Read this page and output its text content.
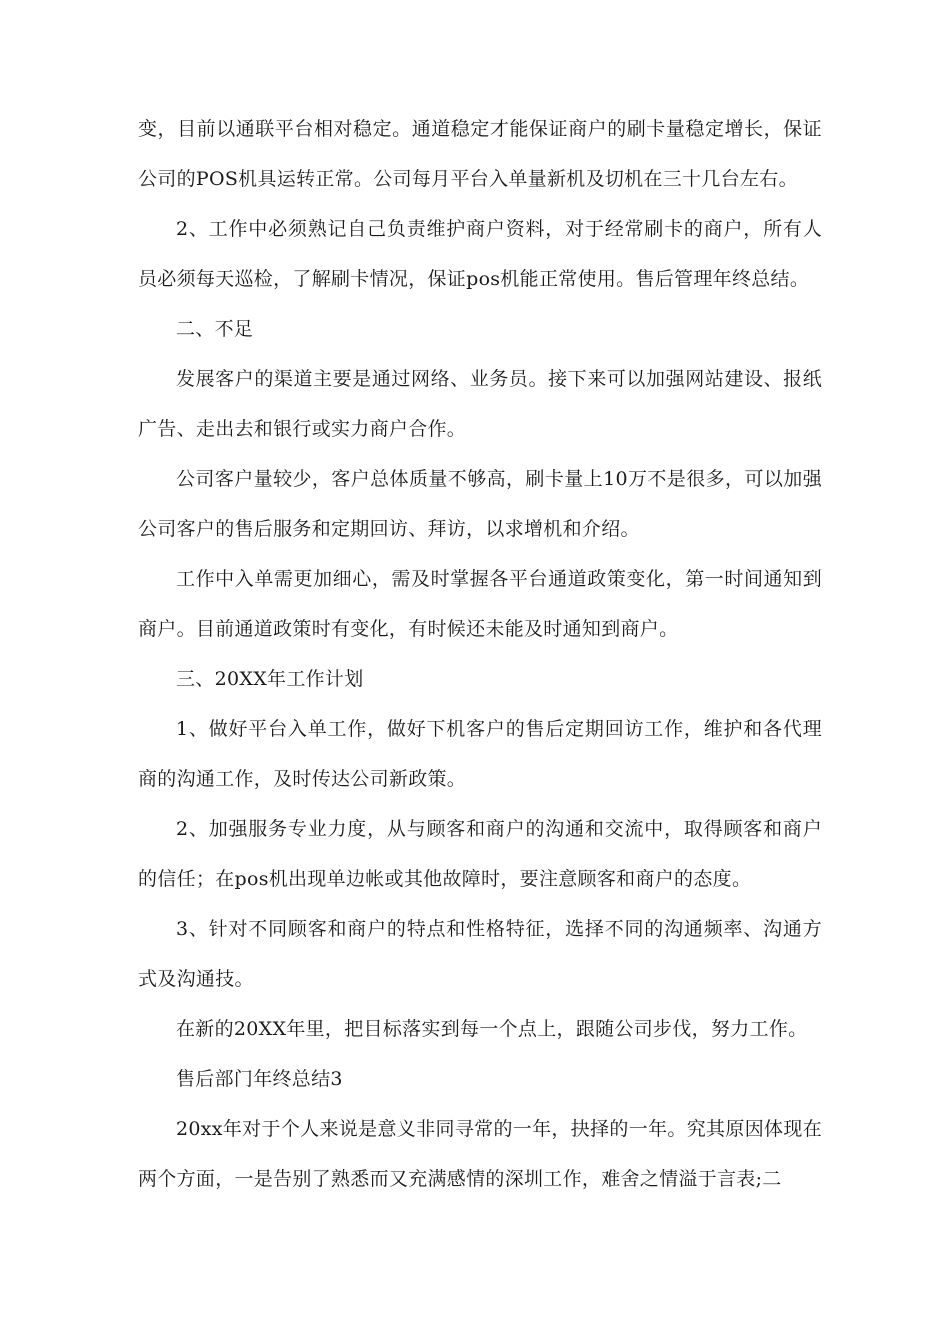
变，目前以通联平台相对稳定。通道稳定才能保证商户的刷卡量稳定增长，保证公司的POS机具运转正常。公司每月平台入单量新机及切机在三十几台左右。

2、工作中必须熟记自己负责维护商户资料，对于经常刷卡的商户，所有人员必须每天巡检，了解刷卡情况，保证pos机能正常使用。售后管理年终总结。

二、不足

发展客户的渠道主要是通过网络、业务员。接下来可以加强网站建设、报纸广告、走出去和银行或实力商户合作。

公司客户量较少，客户总体质量不够高，刷卡量上10万不是很多，可以加强公司客户的售后服务和定期回访、拜访，以求增机和介绍。

工作中入单需更加细心，需及时掌握各平台通道政策变化，第一时间通知到商户。目前通道政策时有变化，有时候还未能及时通知到商户。

三、20XX年工作计划

1、做好平台入单工作，做好下机客户的售后定期回访工作，维护和各代理商的沟通工作，及时传达公司新政策。

2、加强服务专业力度，从与顾客和商户的沟通和交流中，取得顾客和商户的信任；在pos机出现单边帐或其他故障时，要注意顾客和商户的态度。

3、针对不同顾客和商户的特点和性格特征，选择不同的沟通频率、沟通方式及沟通技。

在新的20XX年里，把目标落实到每一个点上，跟随公司步伐，努力工作。

售后部门年终总结3

20xx年对于个人来说是意义非同寻常的一年，抉择的一年。究其原因体现在两个方面，一是告别了熟悉而又充满感情的深圳工作，难舍之情溢于言表;二
